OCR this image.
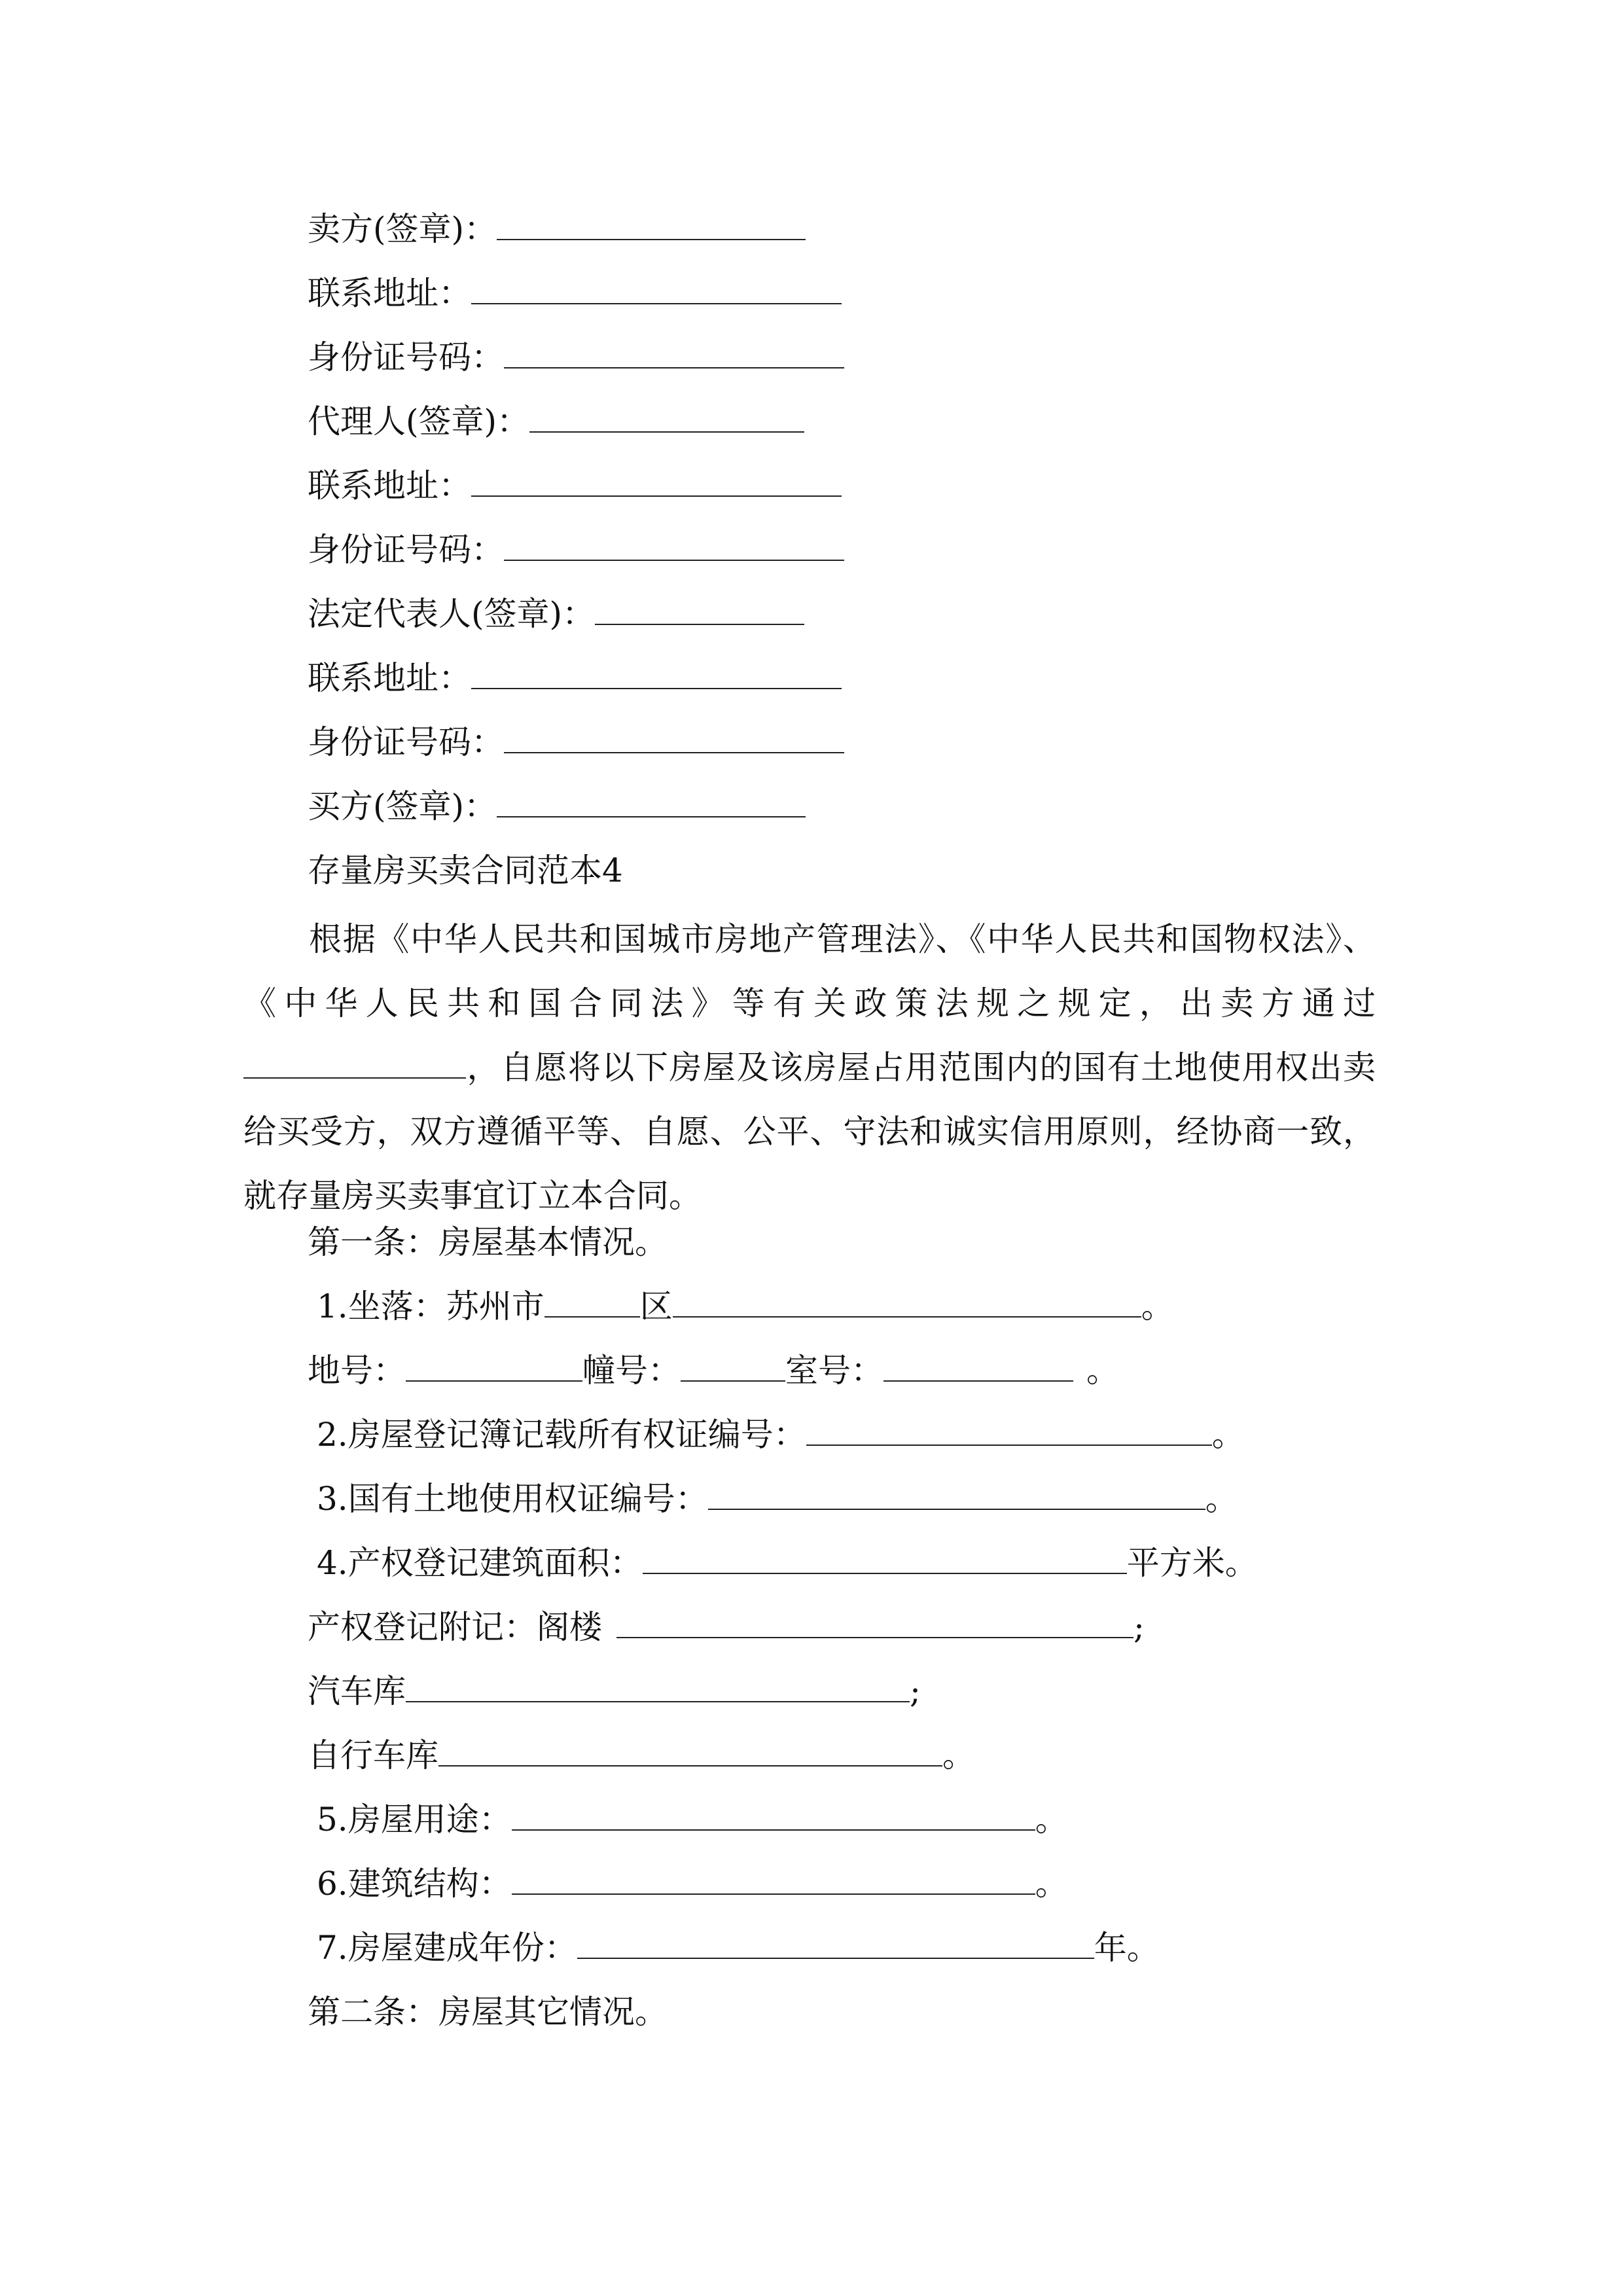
卖方(签章)：
联系地址：
身份证号码：
代理人(签章)：
联系地址：
身份证号码：
法定代表人(签章)：
联系地址：
身份证号码：
买方(签章)：
存量房买卖合同范本4
根据《中华人民共和国城市房地产管理法》、《中华人民共和国物权法》、《中华人民共和国合同法》等有关政策法规之规定，出卖方通过，自愿将以下房屋及该房屋占用范围内的国有土地使用权出卖给买受方，双方遵循平等、自愿、公平、守法和诚实信用原则，经协商一致，就存量房买卖事宜订立本合同。
第一条：房屋基本情况。
1.坐落：苏州市	区	。
地号：	幢号：	室号：	。
2.房屋登记簿记载所有权证编号：	。
3.国有土地使用权证编号：	。
4.产权登记建筑面积：	平方米。
产权登记附记：阁楼	;
汽车库	;
自行车库	。
5.房屋用途：	。
6.建筑结构：	。
7.房屋建成年份：	年。
第二条：房屋其它情况。
